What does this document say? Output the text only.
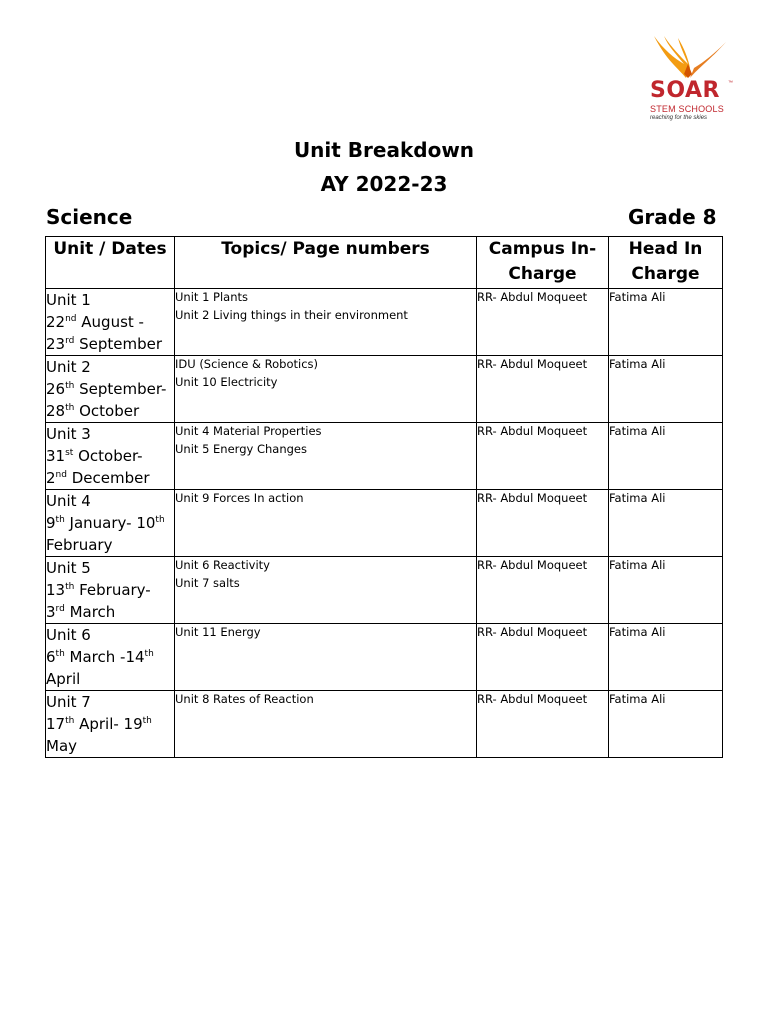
SOAR ™
STEM SCHOOLS
reaching for the skies
Unit Breakdown
AY 2022-23
Science	Grade 8
Unit / Dates	Topics/ Page numbers	Campus In-Charge	Head In Charge
Unit 1
22nd August -
23rd September	Unit 1 Plants
Unit 2 Living things in their environment	RR- Abdul Moqueet	Fatima Ali
Unit 2
26th September-
28th October	IDU (Science & Robotics)
Unit 10 Electricity	RR- Abdul Moqueet	Fatima Ali
Unit 3
31st October-
2nd December	Unit 4 Material Properties
Unit 5 Energy Changes	RR- Abdul Moqueet	Fatima Ali
Unit 4
9th January- 10th
February	Unit 9 Forces In action	RR- Abdul Moqueet	Fatima Ali
Unit 5
13th February-
3rd March	Unit 6 Reactivity
Unit 7 salts	RR- Abdul Moqueet	Fatima Ali
Unit 6
6th March -14th
April	Unit 11 Energy	RR- Abdul Moqueet	Fatima Ali
Unit 7
17th April- 19th
May	Unit 8 Rates of Reaction	RR- Abdul Moqueet	Fatima Ali
